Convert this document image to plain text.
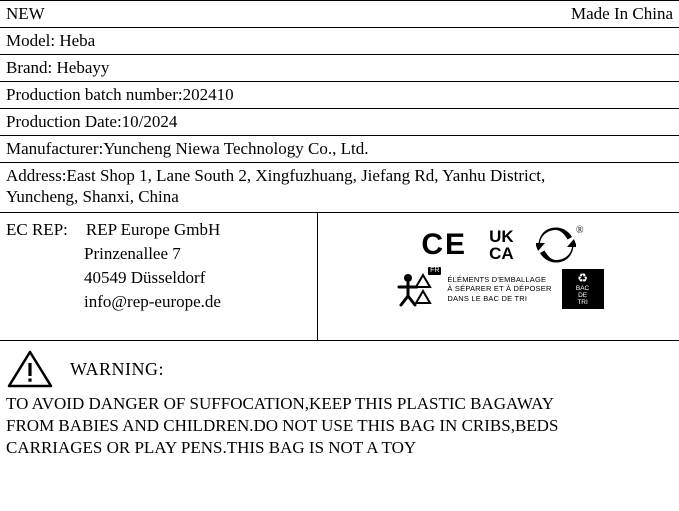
NEW	Made In China
Model: Heba
Brand: Hebayy
Production batch number:202410
Production Date:10/2024
Manufacturer:Yuncheng Niewa Technology Co., Ltd.
Address:East Shop 1, Lane South 2, Xingfuzhuang, Jiefang Rd, Yanhu District,
Yuncheng, Shanxi, China
EC REP: REP Europe GmbH
Prinzenallee 7
40549 Düsseldorf
info@rep-europe.de
CE UK
CA
®
FR
ÉLÉMENTS D'EMBALLAGE
À SÉPARER ET À DÉPOSER
DANS LE BAC DE TRI
♻
BAC
DE
TRI
WARNING:
TO AVOID DANGER OF SUFFOCATION,KEEP THIS PLASTIC BAGAWAY
FROM BABIES AND CHILDREN.DO NOT USE THIS BAG IN CRIBS,BEDS
CARRIAGES OR PLAY PENS.THIS BAG IS NOT A TOY
